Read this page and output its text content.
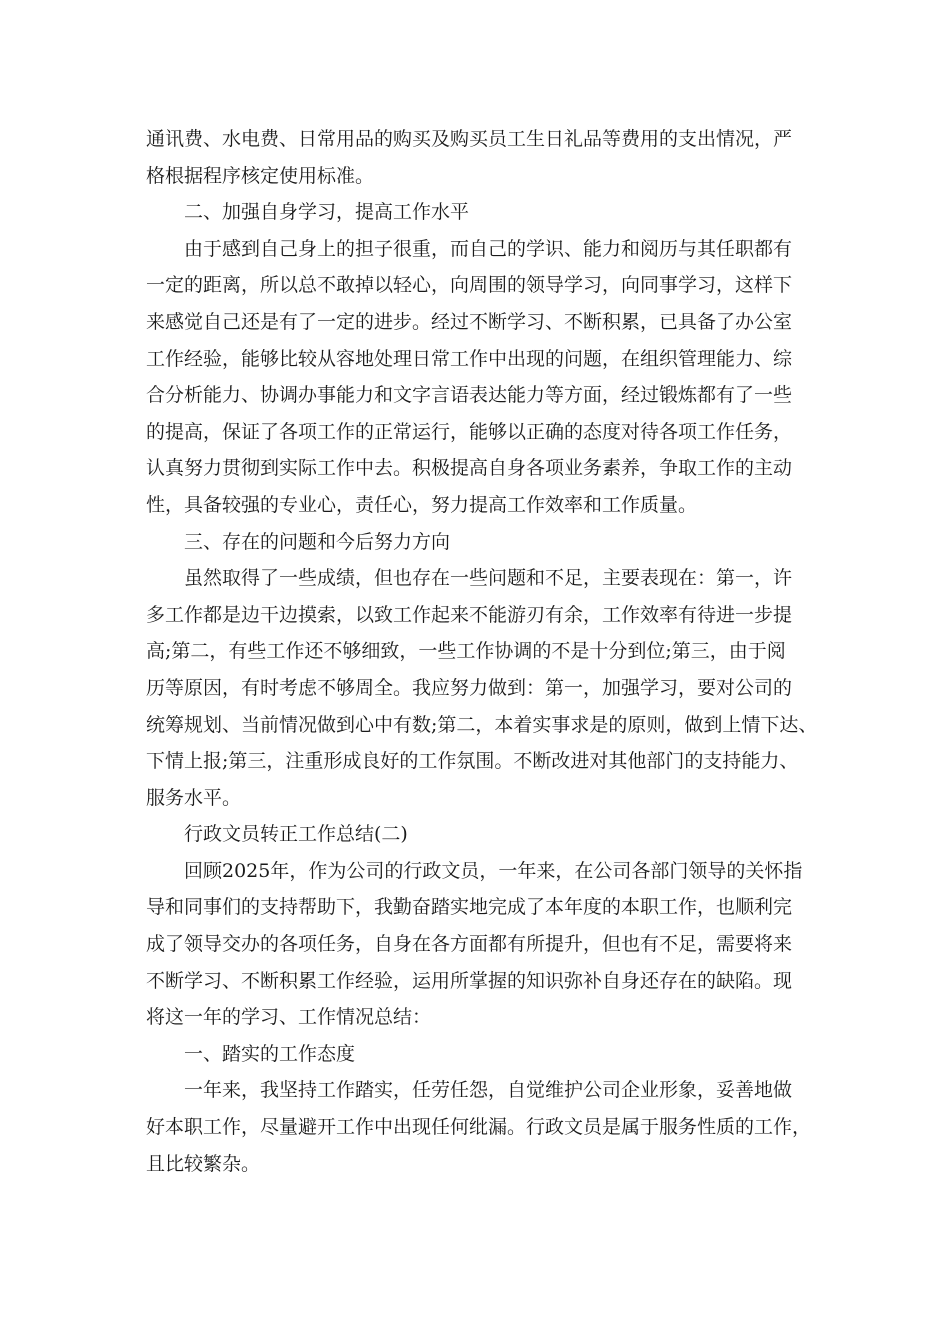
通讯费、水电费、日常用品的购买及购买员工生日礼品等费用的支出情况，严
格根据程序核定使用标准。
二、加强自身学习，提高工作水平
由于感到自己身上的担子很重，而自己的学识、能力和阅历与其任职都有
一定的距离，所以总不敢掉以轻心，向周围的领导学习，向同事学习，这样下
来感觉自己还是有了一定的进步。经过不断学习、不断积累，已具备了办公室
工作经验，能够比较从容地处理日常工作中出现的问题，在组织管理能力、综
合分析能力、协调办事能力和文字言语表达能力等方面，经过锻炼都有了一些
的提高，保证了各项工作的正常运行，能够以正确的态度对待各项工作任务，
认真努力贯彻到实际工作中去。积极提高自身各项业务素养，争取工作的主动
性，具备较强的专业心，责任心，努力提高工作效率和工作质量。
三、存在的问题和今后努力方向
虽然取得了一些成绩，但也存在一些问题和不足，主要表现在：第一，许
多工作都是边干边摸索，以致工作起来不能游刃有余，工作效率有待进一步提
高;第二，有些工作还不够细致，一些工作协调的不是十分到位;第三，由于阅
历等原因，有时考虑不够周全。我应努力做到：第一，加强学习，要对公司的
统筹规划、当前情况做到心中有数;第二，本着实事求是的原则，做到上情下达、
下情上报;第三，注重形成良好的工作氛围。不断改进对其他部门的支持能力、
服务水平。
行政文员转正工作总结(二)
回顾2025年，作为公司的行政文员，一年来，在公司各部门领导的关怀指
导和同事们的支持帮助下，我勤奋踏实地完成了本年度的本职工作，也顺利完
成了领导交办的各项任务，自身在各方面都有所提升，但也有不足，需要将来
不断学习、不断积累工作经验，运用所掌握的知识弥补自身还存在的缺陷。现
将这一年的学习、工作情况总结：
一、踏实的工作态度
一年来，我坚持工作踏实，任劳任怨，自觉维护公司企业形象，妥善地做
好本职工作，尽量避开工作中出现任何纰漏。行政文员是属于服务性质的工作，
且比较繁杂。
